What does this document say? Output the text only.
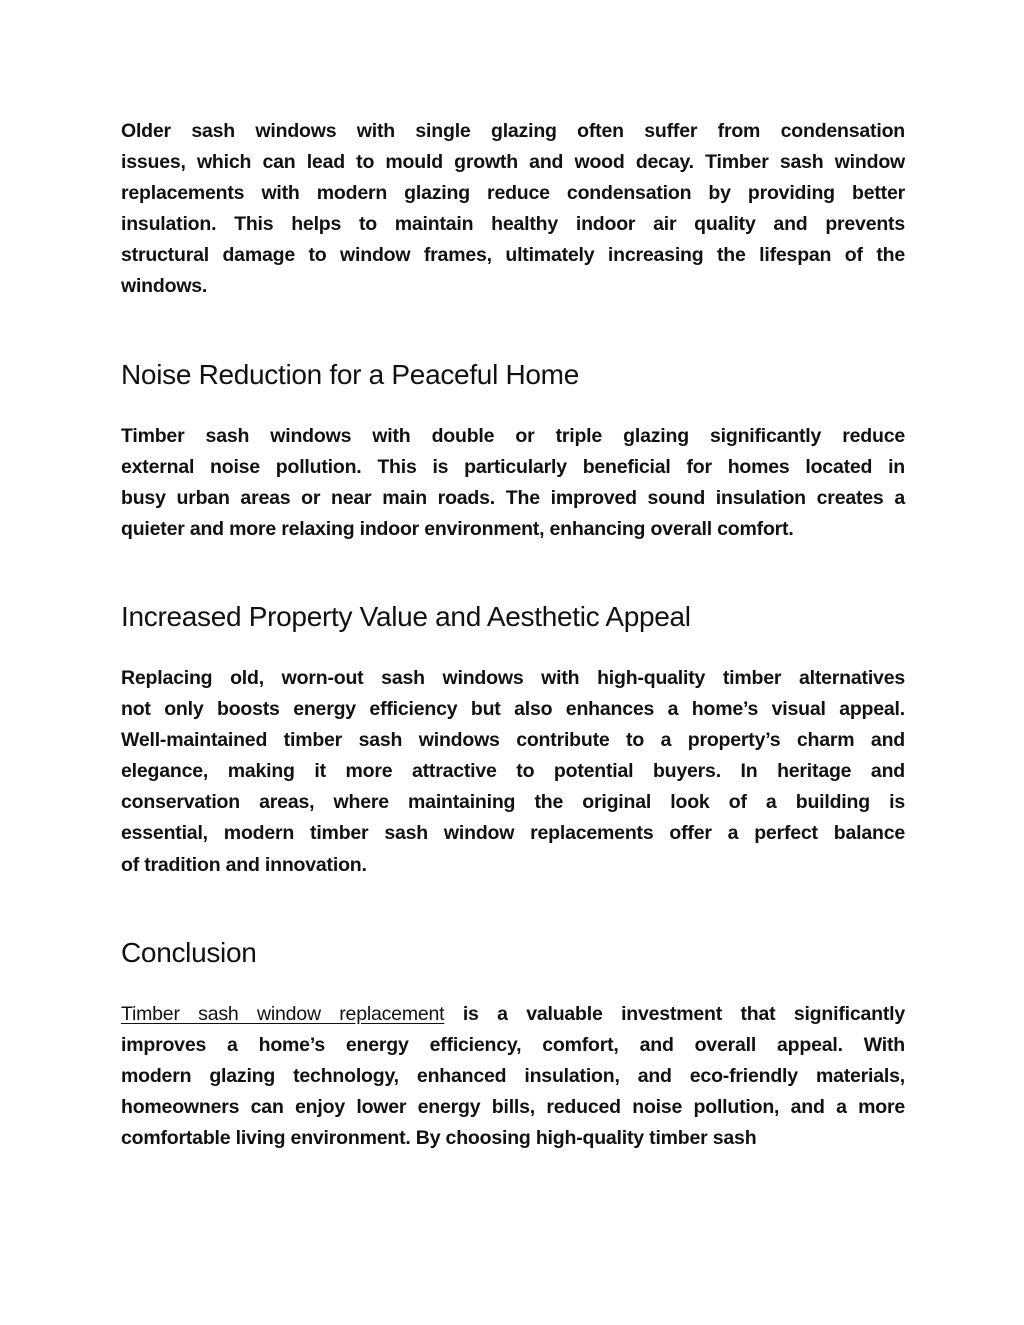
Older sash windows with single glazing often suffer from condensation
issues, which can lead to mould growth and wood decay. Timber sash window
replacements with modern glazing reduce condensation by providing better
insulation. This helps to maintain healthy indoor air quality and prevents
structural damage to window frames, ultimately increasing the lifespan of the
windows.

Noise Reduction for a Peaceful Home

Timber sash windows with double or triple glazing significantly reduce
external noise pollution. This is particularly beneficial for homes located in
busy urban areas or near main roads. The improved sound insulation creates a
quieter and more relaxing indoor environment, enhancing overall comfort.

Increased Property Value and Aesthetic Appeal

Replacing old, worn-out sash windows with high-quality timber alternatives
not only boosts energy efficiency but also enhances a home’s visual appeal.
Well-maintained timber sash windows contribute to a property’s charm and
elegance, making it more attractive to potential buyers. In heritage and
conservation areas, where maintaining the original look of a building is
essential, modern timber sash window replacements offer a perfect balance
of tradition and innovation.

Conclusion

Timber sash window replacement is a valuable investment that significantly
improves a home’s energy efficiency, comfort, and overall appeal. With
modern glazing technology, enhanced insulation, and eco-friendly materials,
homeowners can enjoy lower energy bills, reduced noise pollution, and a more
comfortable living environment. By choosing high-quality timber sash
